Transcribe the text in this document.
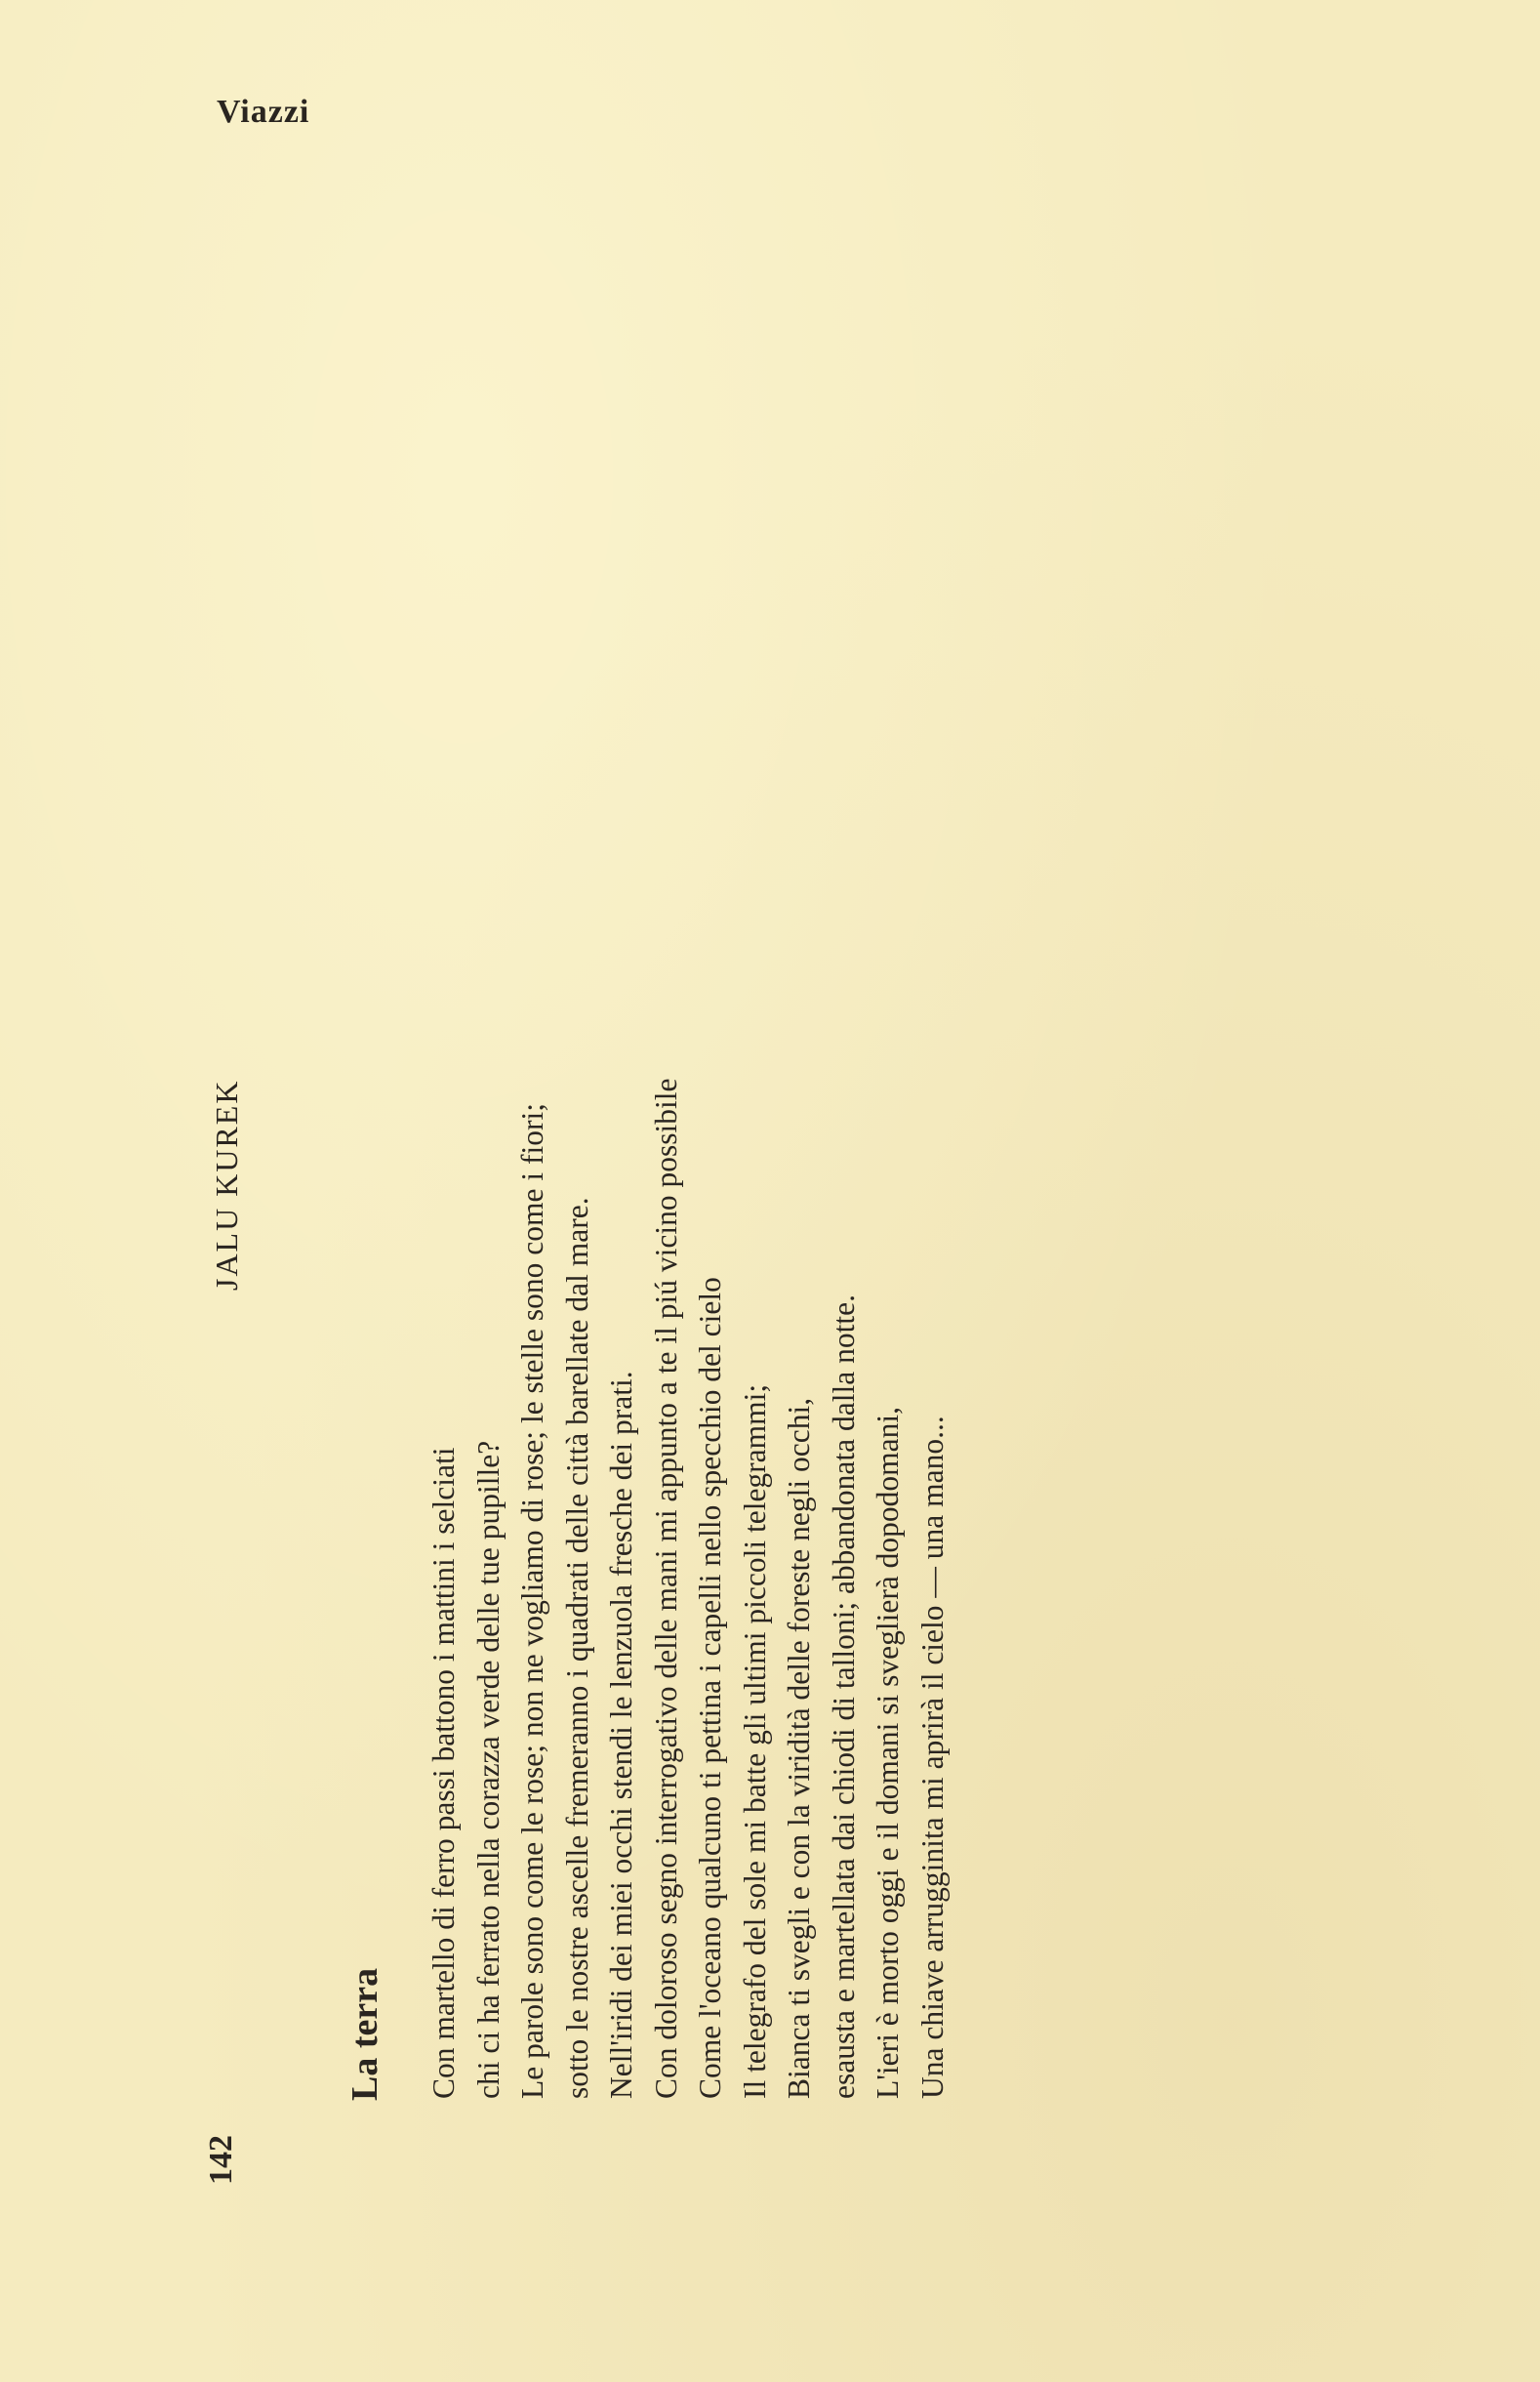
Viazzi
142
JALU KUREK
La terra Con martello di ferro passi battono i mattini i selciati chi ci ha ferrato nella corazza verde delle tue pupille? Le parole sono come le rose; non ne vogliamo di rose; le stelle sono come i fiori; sotto le nostre ascelle fremeranno i quadrati delle città barellate dal mare. Nell'iridi dei miei occhi stendi le lenzuola fresche dei prati. Con doloroso segno interrogativo delle mani mi appunto a te il piú vicino possibile Come l'oceano qualcuno ti pettina i capelli nello specchio del cielo Il telegrafo del sole mi batte gli ultimi piccoli telegrammi; Bianca ti svegli e con la viridità delle foreste negli occhi, esausta e martellata dai chiodi di talloni; abbandonata dalla notte. L'ieri è morto oggi e il domani si sveglierà dopodomani, Una chiave arrugginita mi aprirà il cielo — una mano...
